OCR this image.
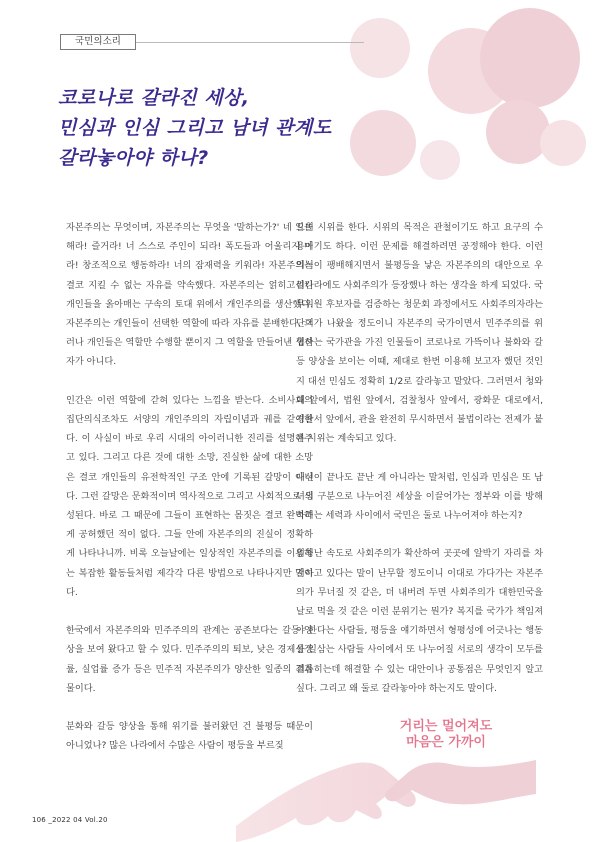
국민의소리
코로나로 갈라진 세상,
민심과 인심 그리고 남녀 관계도
갈라놓아야 하나?

자본주의는 무엇이며, 자본주의는 무엇을 '말하는가?' 네 일을 해라! 즐거라! 너 스스로 주인이 되라! 폭도들과 어울리지 마라! 창조적으로 행동하라! 너의 잠재력을 키워라! 자본주의는 결코 지킬 수 없는 자유를 약속했다. 자본주의는 얽히고설킨 개인들을 옭아매는 구속의 토대 위에서 개인주의를 생산했다. 자본주의는 개인들이 선택한 역할에 따라 자유를 분배한다. 그러나 개인들은 역할만 수행할 뿐이지 그 역할을 만들어낸 생산자가 아니다.

인간은 이런 역할에 갇혀 있다는 느낌을 받는다. 소비사회의 집단의식조차도 서양의 개인주의의 자립이념과 궤를 같이한다. 이 사실이 바로 우리 시대의 아이러니한 진리를 설명해주고 있다. 그리고 다른 것에 대한 소망, 진실한 삶에 대한 소망은 결코 개인들의 유전학적인 구조 안에 기록된 갈망이 아니다. 그런 갈망은 문화적이며 역사적으로 그리고 사회적으로 생성된다. 바로 그 때문에 그들이 표현하는 몸짓은 결코 완벽하게 공허했던 적이 없다. 그들 안에 자본주의의 진실이 정확하게 나타나니까. 비록 오늘날에는 일상적인 자본주의를 이용하는 복잡한 활동들처럼 제각각 다른 방법으로 나타나지만 말이다.

한국에서 자본주의와 민주주의의 관계는 공존보다는 갈등 양상을 보여 왔다고 할 수 있다. 민주주의의 퇴보, 낮은 경제성장률, 실업률 증가 등은 민주적 자본주의가 양산한 일종의 결과물이다.

분화와 갈등 양상을 통해 위기를 불러왔던 건 불평등 때문이 아니었나? 많은 나라에서 수많은 사람이 평등을 부르짖

으며 시위를 한다. 시위의 목적은 관철이기도 하고 요구의 수용이기도 하다. 이런 문제를 해결하려면 공정해야 한다. 이런 의식이 팽배해지면서 불평등을 낳은 자본주의의 대안으로 우리나라에도 사회주의가 등장했나 하는 생각을 하게 되었다. 국무위원 후보자를 검증하는 청문회 과정에서도 사회주의자라는 단어가 나왔을 정도이니 자본주의 국가이면서 민주주의를 위협하는 국가관을 가진 인물들이 코로나로 가뜩이나 불화와 갈등 양상을 보이는 이때, 제대로 한번 이용해 보고자 했던 것인지 대선 민심도 정확히 1/2로 갈라놓고 말았다. 그러면서 청와대 앞에서, 법원 앞에서, 검찰청사 앞에서, 광화문 대로에서, 경찰서 앞에서, 관을 완전히 무시하면서 불법이라는 전제가 붙은 시위는 계속되고 있다.

대선이 끝나도 끝난 게 아니라는 말처럼, 인심과 민심은 또 남녀의 구분으로 나누어진 세상을 이끌어가는 정부와 이를 방해하려는 세력과 사이에서 국민은 둘로 나누어져야 하는지?

엄청난 속도로 사회주의가 확산하여 곳곳에 알박기 자리를 차지하고 있다는 말이 난무할 정도이니 이대로 가다가는 자본주의가 무너질 것 같은, 더 내버려 두면 사회주의가 대한민국을 날로 먹을 것 같은 이런 분위기는 뭔가? 복지를 국가가 책임져야 한다는 사람들, 평등을 얘기하면서 형평성에 어긋나는 행동을 일삼는 사람들 사이에서 또 나누어질 서로의 생각이 모두를 괴롭히는데 해결할 수 있는 대안이나 공통점은 무엇인지 알고 싶다. 그리고 왜 둘로 갈라놓아야 하는지도 말이다.

거리는 멀어져도
마음은 가까이
106 _2022 04 Vol.20
